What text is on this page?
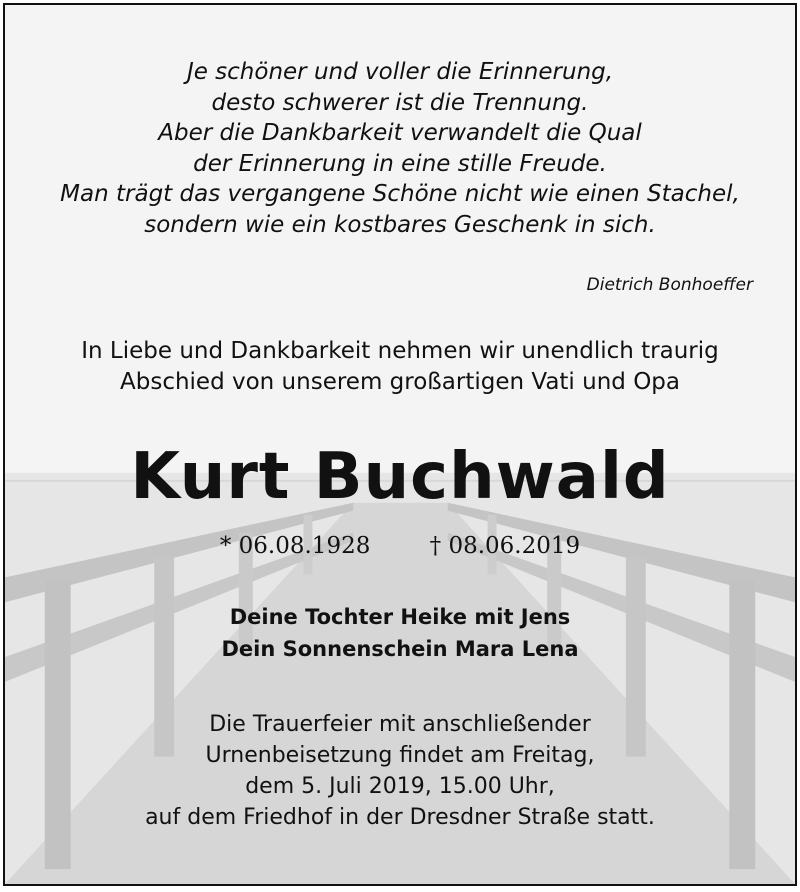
Je schöner und voller die Erinnerung,
desto schwerer ist die Trennung.
Aber die Dankbarkeit verwandelt die Qual
der Erinnerung in eine stille Freude.
Man trägt das vergangene Schöne nicht wie einen Stachel,
sondern wie ein kostbares Geschenk in sich.
Dietrich Bonhoeffer
In Liebe und Dankbarkeit nehmen wir unendlich traurig
Abschied von unserem großartigen Vati und Opa
Kurt Buchwald
* 06.08.1928	† 08.06.2019
Deine Tochter Heike mit Jens
Dein Sonnenschein Mara Lena
Die Trauerfeier mit anschließender
Urnenbeisetzung findet am Freitag,
dem 5. Juli 2019, 15.00 Uhr,
auf dem Friedhof in der Dresdner Straße statt.
